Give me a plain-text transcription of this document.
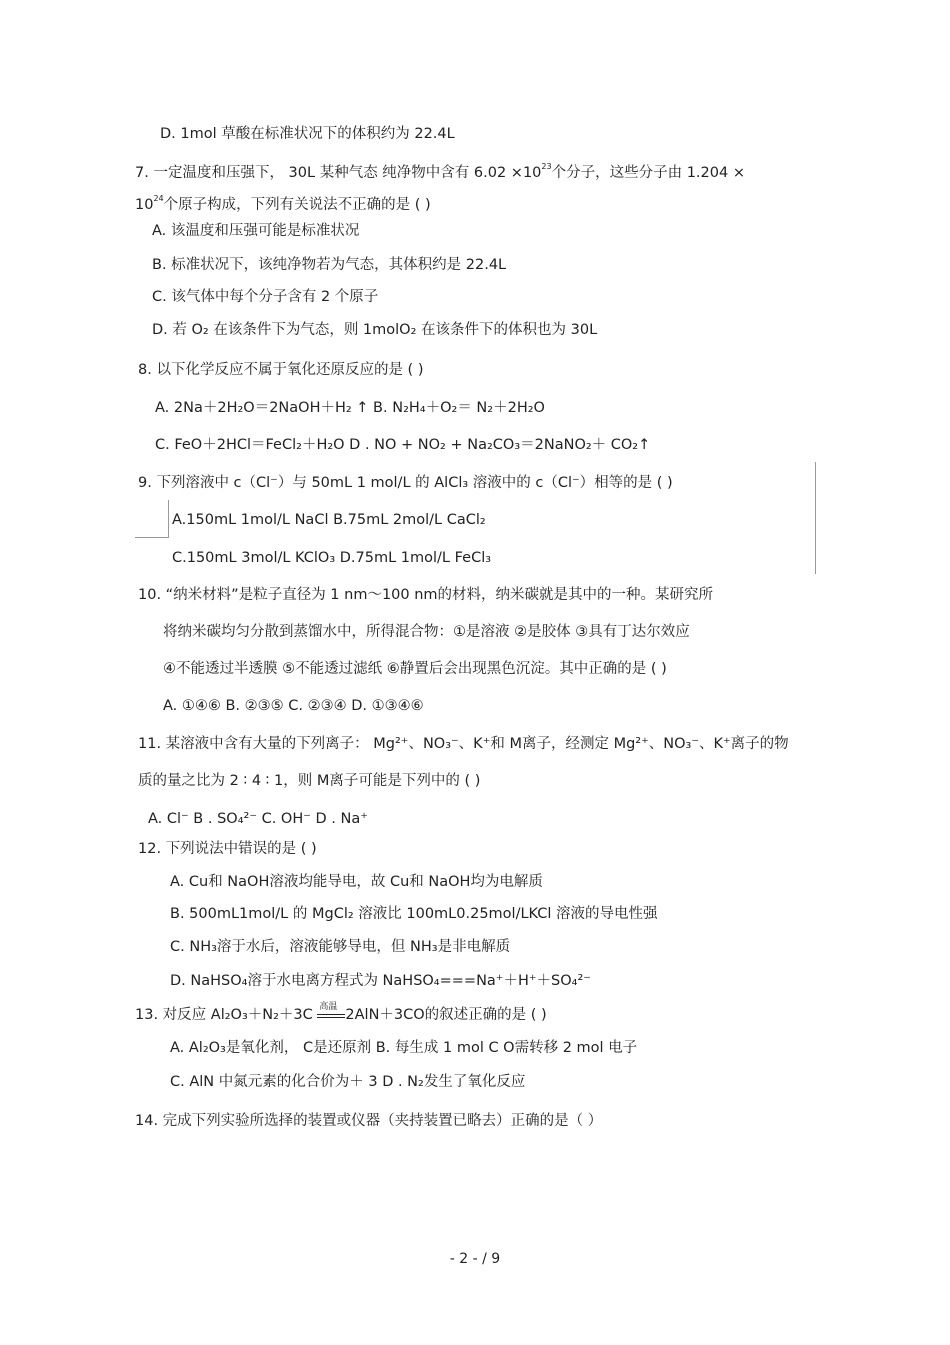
D. 1mol 草酸在标准状况下的体积约为 22.4L
7. 一定温度和压强下， 30L 某种气态 纯净物中含有 $6.02 \times 10^{23}$个分子，这些分子由 1.204 ×
$10^{24}$个原子构成，下列有关说法不正确的是 ( )
A. 该温度和压强可能是标准状况
B. 标准状况下，该纯净物若为气态，其体积约是 22.4L
C. 该气体中每个分子含有 2 个原子
D. 若 O₂ 在该条件下为气态，则 1molO₂ 在该条件下的体积也为 30L
8. 以下化学反应不属于氧化还原反应的是 ( )
A. 2Na＋2H₂O＝2NaOH＋H₂ ↑ B. N₂H₄＋O₂＝ N₂＋2H₂O
C. FeO＋2HCl＝FeCl₂＋H₂O D . NO + NO₂ + Na₂CO₃＝2NaNO₂＋ CO₂↑
9. 下列溶液中 c（Cl⁻）与 50mL 1 mol/L 的 AlCl₃ 溶液中的 c（Cl⁻）相等的是 ( )
A.150mL 1mol/L NaCl B.75mL 2mol/L CaCl₂
C.150mL 3mol/L KClO₃ D.75mL 1mol/L FeCl₃
10. “纳米材料”是粒子直径为 1 nm～100 nm的材料，纳米碳就是其中的一种。某研究所
将纳米碳均匀分散到蒸馏水中，所得混合物：①是溶液 ②是胶体 ③具有丁达尔效应
④不能透过半透膜 ⑤不能透过滤纸 ⑥静置后会出现黑色沉淀。其中正确的是 ( )
A. ①④⑥ B. ②③⑤ C. ②③④ D. ①③④⑥
11. 某溶液中含有大量的下列离子： Mg²⁺、NO₃⁻、K⁺和 M离子，经测定 Mg²⁺、NO₃⁻、K⁺离子的物
质的量之比为 2 ∶ 4 ∶ 1，则 M离子可能是下列中的 ( )
A. Cl⁻ B . SO₄²⁻ C. OH⁻ D . Na⁺
12. 下列说法中错误的是 ( )
A. Cu和 NaOH溶液均能导电，故 Cu和 NaOH均为电解质
B. 500mL1mol/L 的 MgCl₂ 溶液比 100mL0.25mol/LKCl 溶液的导电性强
C. NH₃溶于水后，溶液能够导电，但 NH₃是非电解质
D. NaHSO₄溶于水电离方程式为 NaHSO₄===Na⁺＋H⁺＋SO₄²⁻
13. 对反应 Al₂O₃＋N₂＋3C 高温 2AlN＋3CO的叙述正确的是 ( )
A. Al₂O₃是氧化剂， C是还原剂 B. 每生成 1 mol C O需转移 2 mol 电子
C. AlN 中氮元素的化合价为＋ 3 D . N₂发生了氧化反应
14. 完成下列实验所选择的装置或仪器（夹持装置已略去）正确的是（ ）
- 2 - / 9
